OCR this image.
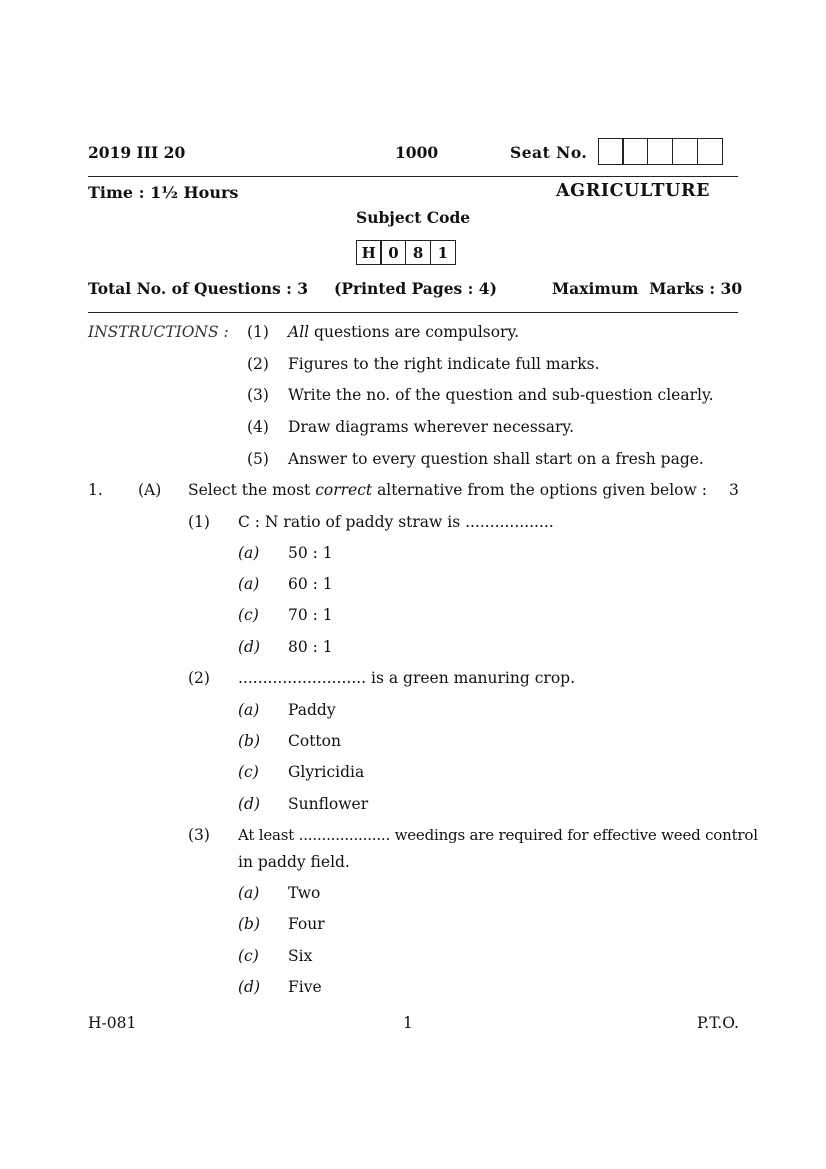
2019 III 20	1000	Seat No.
Time : 1½ Hours	AGRICULTURE
Subject Code
H 0 8 1
Total No. of Questions : 3 (Printed Pages : 4)	Maximum  Marks : 30
INSTRUCTIONS : (1) All questions are compulsory.
(2) Figures to the right indicate full marks.
(3) Write the no. of the question and sub-question clearly.
(4) Draw diagrams wherever necessary.
(5) Answer to every question shall start on a fresh page.
1. (A) Select the most correct alternative from the options given below : 3
(1) C : N ratio of paddy straw is ..................
(a) 50 : 1
(a) 60 : 1
(c) 70 : 1
(d) 80 : 1
(2) .......................... is a green manuring crop.
(a) Paddy
(b) Cotton
(c) Glyricidia
(d) Sunflower
(3) At least .................... weedings are required for effective weed control
in paddy field.
(a) Two
(b) Four
(c) Six
(d) Five
H-081	1	P.T.O.
